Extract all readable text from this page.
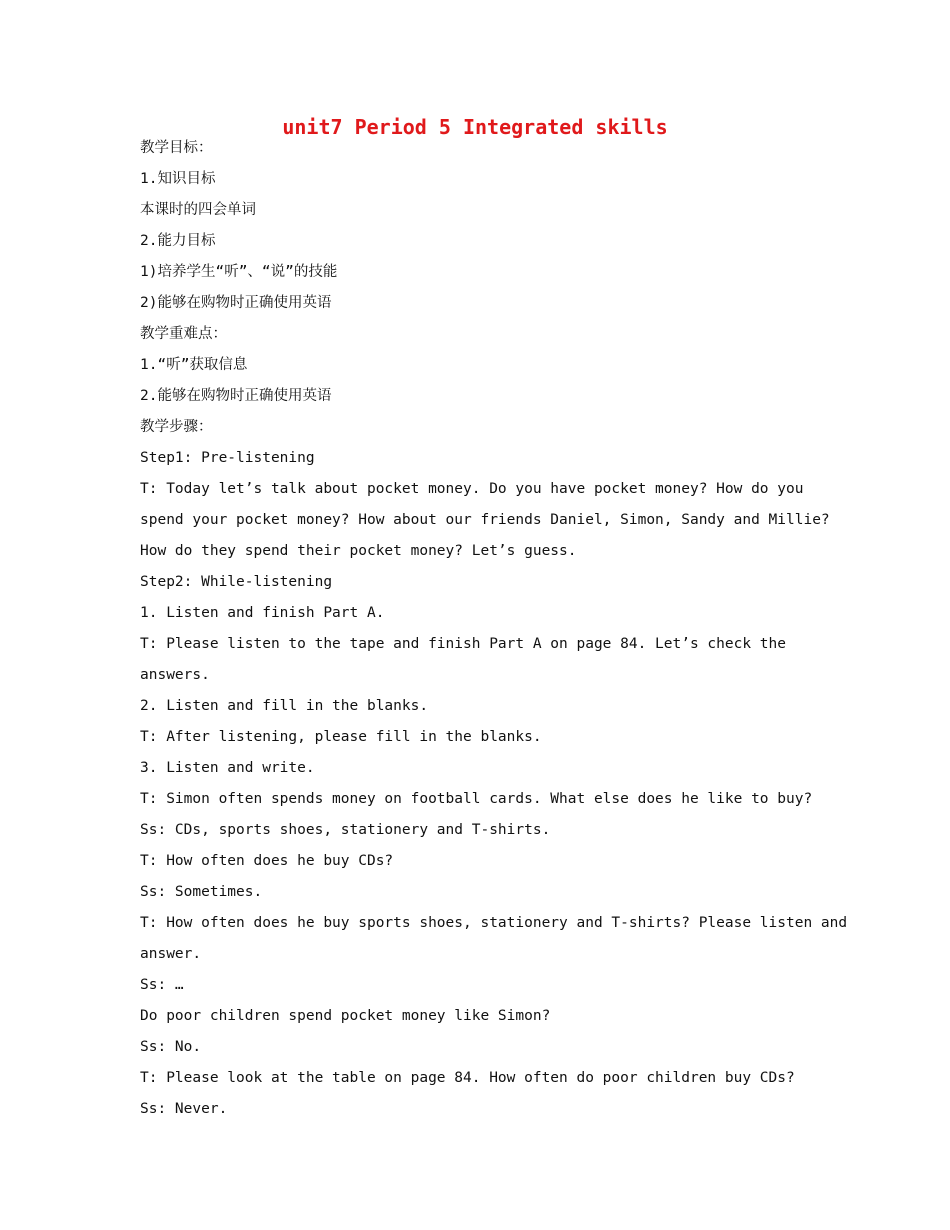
unit7 Period 5 Integrated skills
教学目标：
1.知识目标
本课时的四会单词
2.能力目标
1)培养学生“听”、“说”的技能
2)能够在购物时正确使用英语
教学重难点：
1.“听”获取信息
2.能够在购物时正确使用英语
教学步骤：
Step1: Pre-listening
T: Today let’s talk about pocket money. Do you have pocket money? How do you
spend your pocket money? How about our friends Daniel, Simon, Sandy and Millie?
How do they spend their pocket money? Let’s guess.
Step2: While-listening
1. Listen and finish Part A.
T: Please listen to the tape and finish Part A on page 84. Let’s check the
answers.
2. Listen and fill in the blanks.
T: After listening, please fill in the blanks.
3. Listen and write.
T: Simon often spends money on football cards. What else does he like to buy?
Ss: CDs, sports shoes, stationery and T-shirts.
T: How often does he buy CDs?
Ss: Sometimes.
T: How often does he buy sports shoes, stationery and T-shirts? Please listen and
answer.
Ss: …
Do poor children spend pocket money like Simon?
Ss: No.
T: Please look at the table on page 84. How often do poor children buy CDs?
Ss: Never.
